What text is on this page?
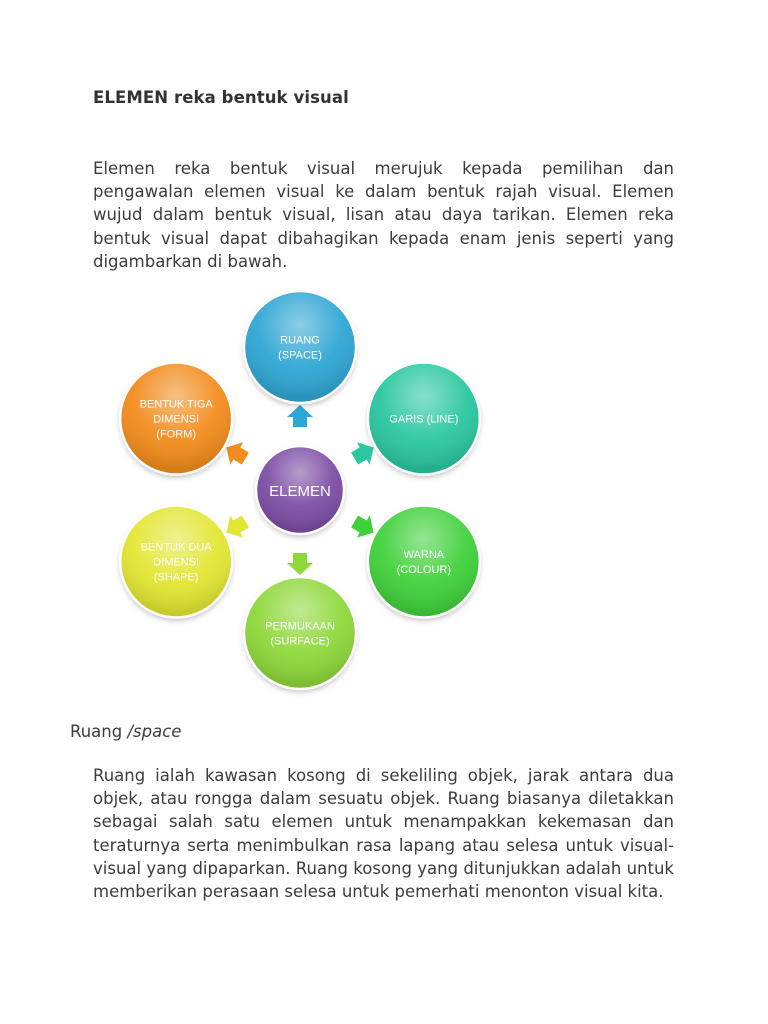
ELEMEN reka bentuk visual
Elemen reka bentuk visual merujuk kepada pemilihan dan pengawalan elemen visual ke dalam bentuk rajah visual. Elemen wujud dalam bentuk visual, lisan atau daya tarikan. Elemen reka bentuk visual dapat dibahagikan kepada enam jenis seperti yang digambarkan di bawah.
RUANG
(SPACE)
GARIS (LINE)
WARNA
(COLOUR)
PERMUKAAN
(SURFACE)
BENTUK DUA
DIMENSI
(SHAPE)
BENTUK TIGA
DIMENSI
(FORM)
ELEMEN
Ruang /space
Ruang ialah kawasan kosong di sekeliling objek, jarak antara dua objek, atau rongga dalam sesuatu objek. Ruang biasanya diletakkan sebagai salah satu elemen untuk menampakkan kekemasan dan teraturnya serta menimbulkan rasa lapang atau selesa untuk visual-visual yang dipaparkan. Ruang kosong yang ditunjukkan adalah untuk memberikan perasaan selesa untuk pemerhati menonton visual kita.
